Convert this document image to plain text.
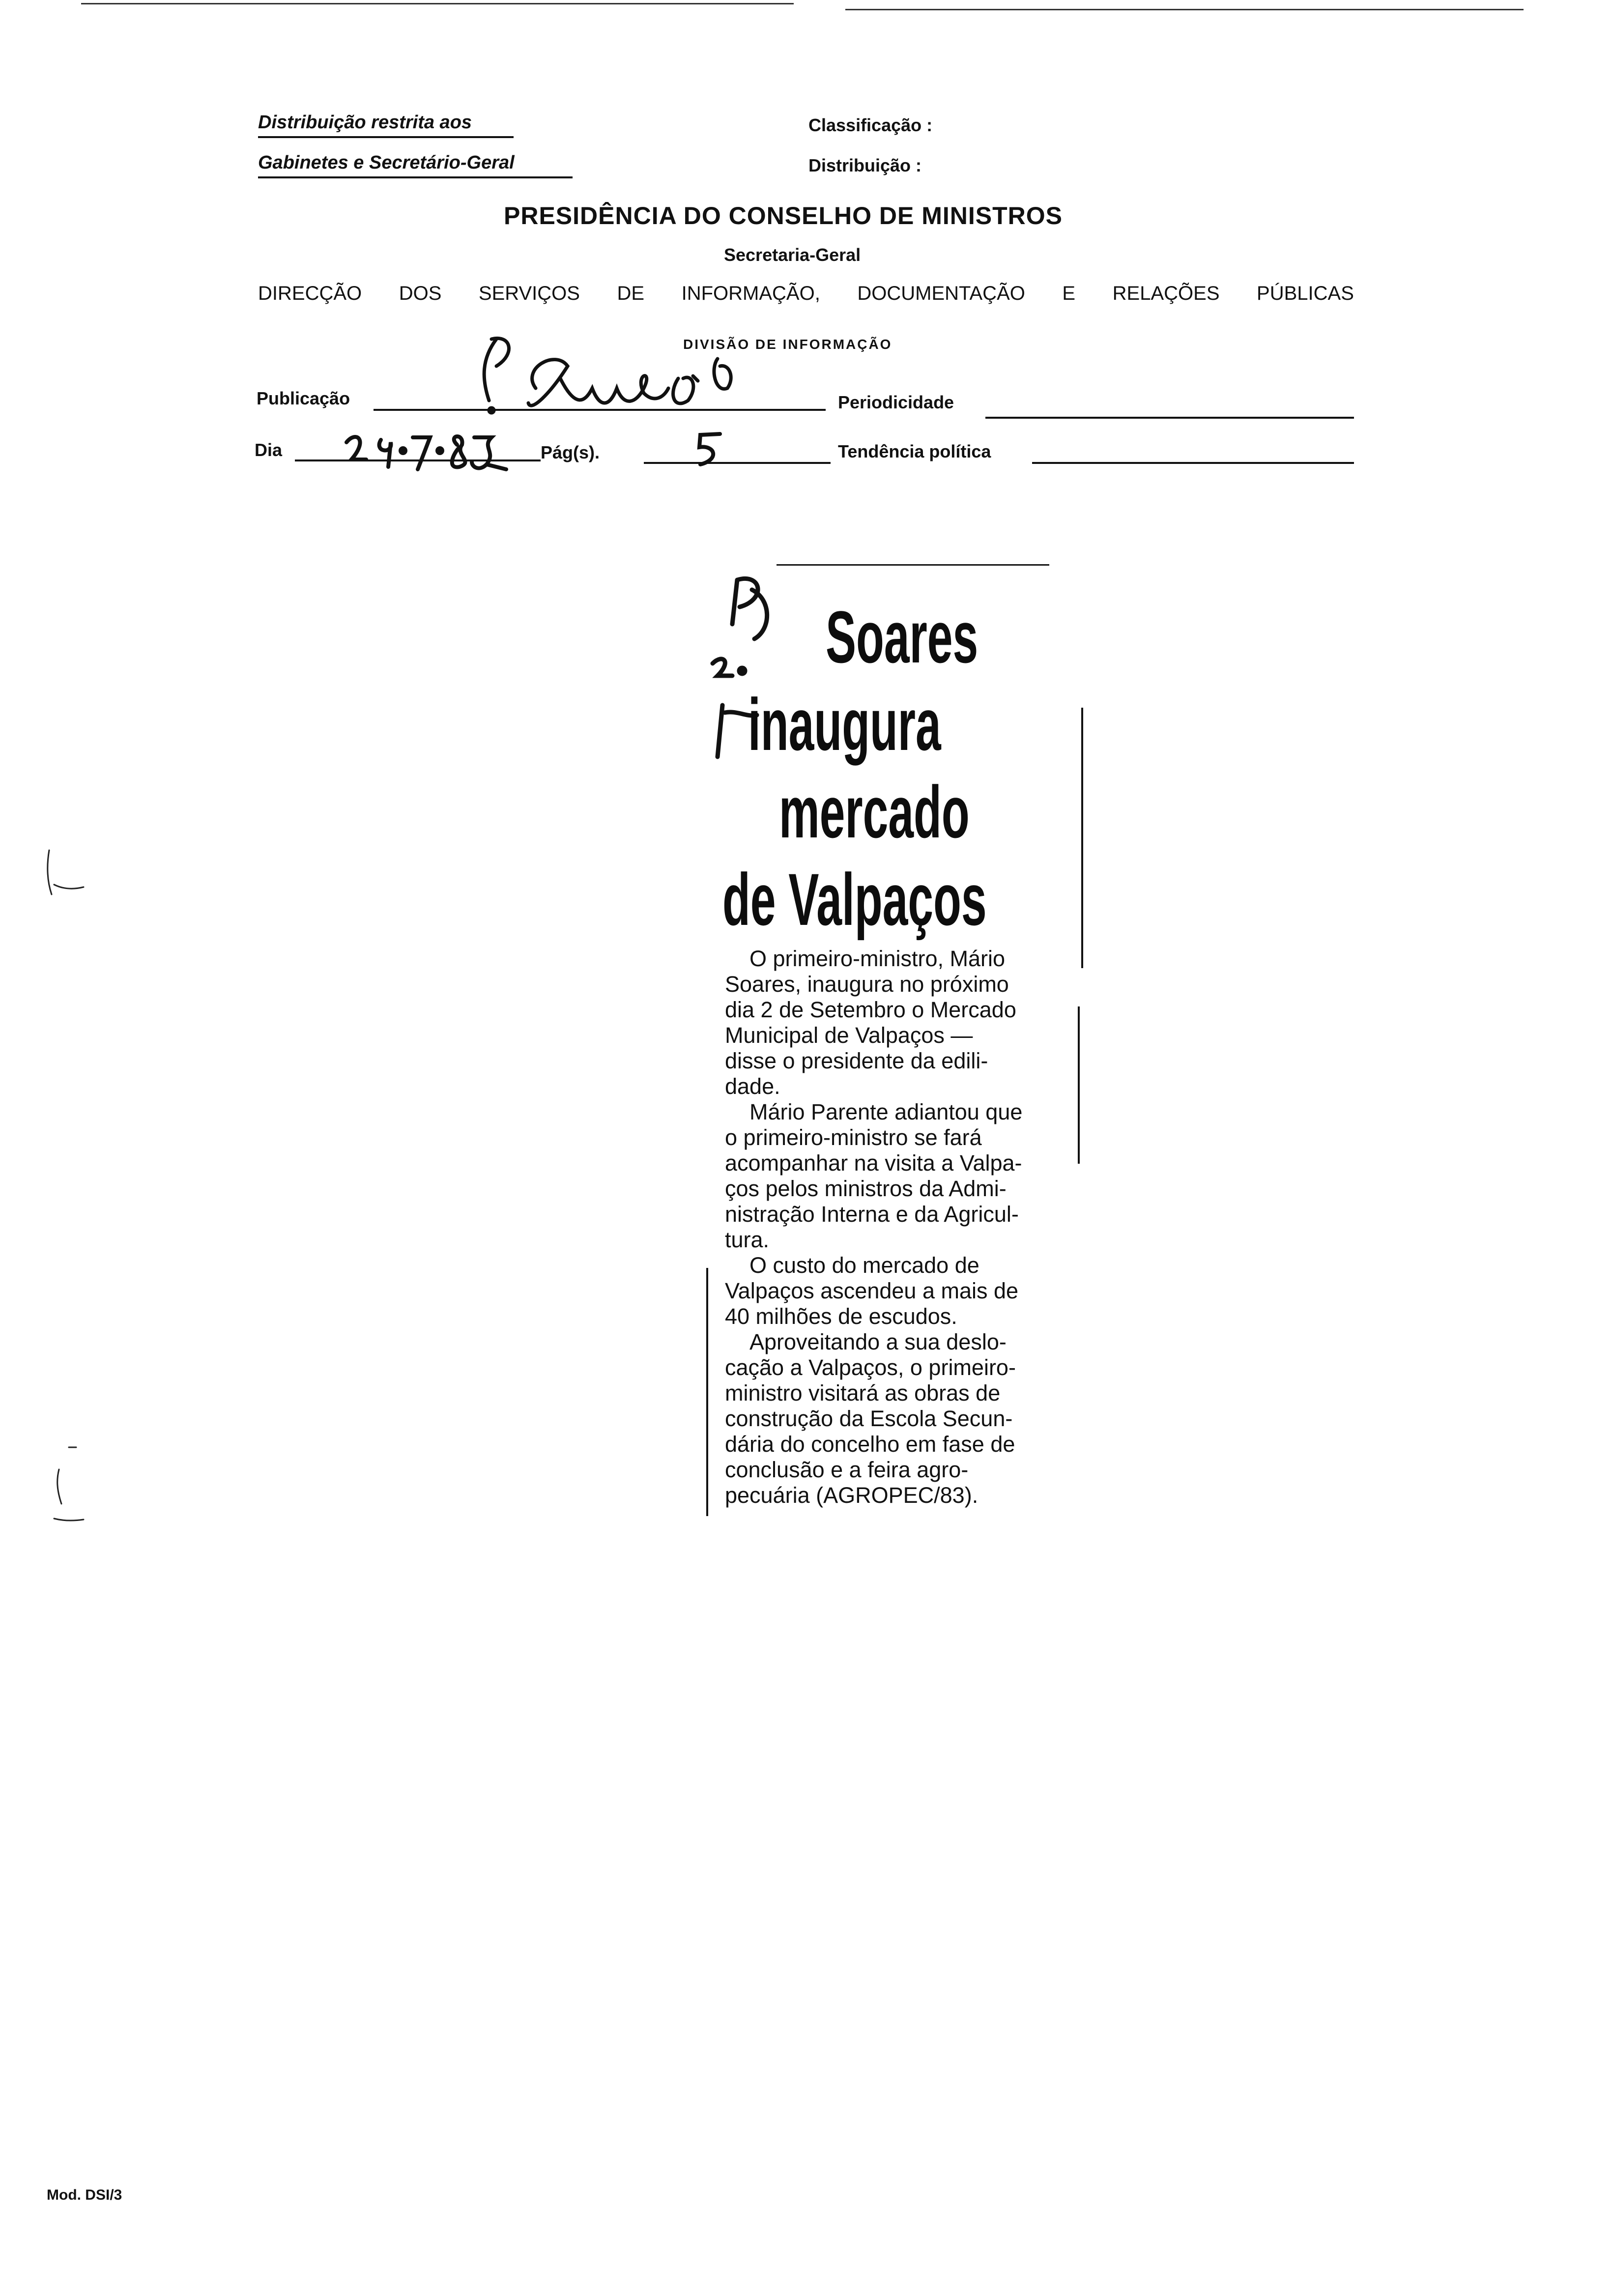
Distribuição restrita aos
Gabinetes e Secretário-Geral
Classificação :
Distribuição :
PRESIDÊNCIA DO CONSELHO DE MINISTROS
Secretaria-Geral
DIRECÇÃO DOS SERVIÇOS DE INFORMAÇÃO, DOCUMENTAÇÃO E RELAÇÕES PÚBLICAS
DIVISÃO DE INFORMAÇÃO
Publicação	Periodicidade
Dia	Pág(s).	Tendência política
Soares
inaugura
mercado
de Valpaços

O primeiro-ministro, Mário
Soares, inaugura no próximo
dia 2 de Setembro o Mercado
Municipal de Valpaços —
disse o presidente da edili-
dade.

Mário Parente adiantou que
o primeiro-ministro se fará
acompanhar na visita a Valpa-
ços pelos ministros da Admi-
nistração Interna e da Agricul-
tura.

O custo do mercado de
Valpaços ascendeu a mais de
40 milhões de escudos.

Aproveitando a sua deslo-
cação a Valpaços, o primeiro-
ministro visitará as obras de
construção da Escola Secun-
dária do concelho em fase de
conclusão e a feira agro-
pecuária (AGROPEC/83).

Mod. DSI/3
